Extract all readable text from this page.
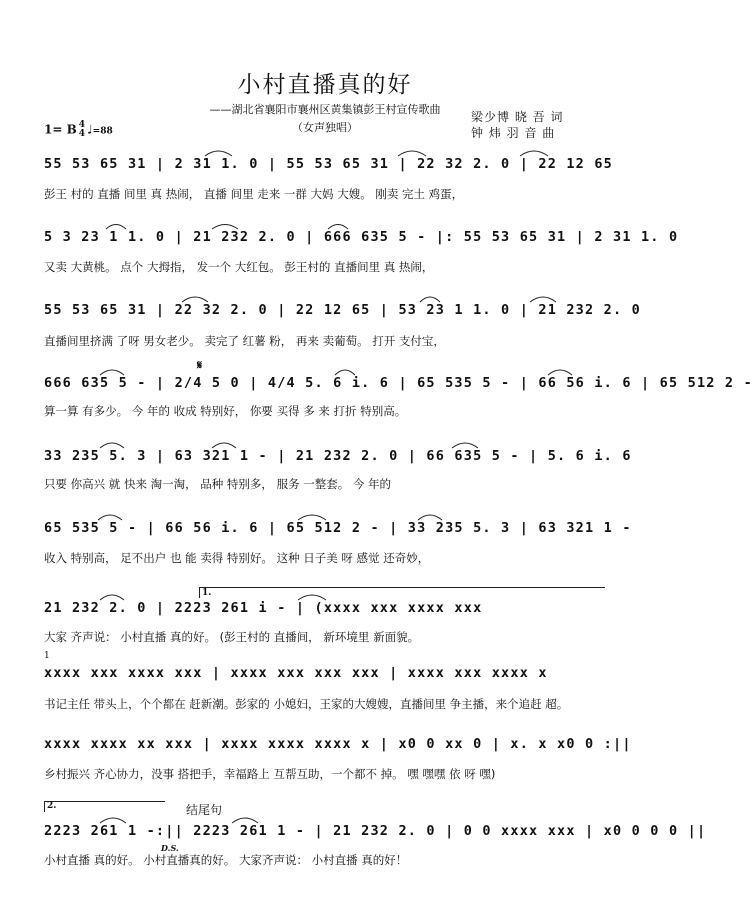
小村直播真的好
——湖北省襄阳市襄州区黄集镇彭王村宣传歌曲
（女声独唱）
梁少博 晓 吾 词
钟 炜 羽 音 曲
1= B 4
4 ♩=88
55 53 65 31 | 2 31 1. 0 | 55 53 65 31 | 22 32 2. 0 | 22 12 65
彭王 村的 直播 间里 真 热闹， 直播 间里 走来 一群 大妈 大嫂。 刚卖 完土 鸡蛋，
5 3 23 1 1. 0 | 21 232 2. 0 | 666 635 5 - |: 55 53 65 31 | 2 31 1. 0
又卖 大黄桃。 点个 大拇指， 发一个 大红包。 彭王村的 直播间里 真 热闹，
55 53 65 31 | 22 32 2. 0 | 22 12 65 | 53 23 1 1. 0 | 21 232 2. 0
直播间里挤满 了呀 男女老少。 卖完了 红薯 粉， 再来 卖葡萄。 打开 支付宝，
𝄋
666 635 5 - | 2/4 5 0 | 4/4 5. 6 i. 6 | 65 535 5 - | 66 56 i. 6 | 65 512 2 -
算一算 有多少。 今 年的 收成 特别好， 你要 买得 多 来 打折 特别高。
33 235 5. 3 | 63 321 1 - | 21 232 2. 0 | 66 635 5 - | 5. 6 i. 6
只要 你高兴 就 快来 淘一淘， 品种 特别多， 服务 一整套。 今 年的
65 535 5 - | 66 56 i. 6 | 65 512 2 - | 33 235 5. 3 | 63 321 1 -
收入 特别高， 足不出户 也 能 卖得 特别好。 这种 日子美 呀 感觉 还奇妙，
1.
21 232 2. 0 | 2223 261 i - | (xxxx xxx xxxx xxx
大家 齐声说： 小村直播 真的好。 (彭王村的 直播间， 新环境里 新面貌。
1
xxxx xxx xxxx xxx | xxxx xxx xxx xxx | xxxx xxx xxxx x
书记主任 带头上，个个都在 赶新潮。彭家的 小媳妇，王家的大嫂嫂，直播间里 争主播，来个追赶 超。
xxxx xxxx xx xxx | xxxx xxxx xxxx x | x0 0 xx 0 | x. x x0 0 :||
乡村振兴 齐心协力，没事 搭把手，幸福路上 互帮互助，一个都不 掉。 嘿 嘿嘿 依 呀 嘿)
2.	结尾句
D.S.
2223 261 1 -:|| 2223 261 1 - | 21 232 2. 0 | 0 0 xxxx xxx | x0 0 0 0 ||
小村直播 真的好。 小村直播真的好。 大家齐声说： 小村直播 真的好！
